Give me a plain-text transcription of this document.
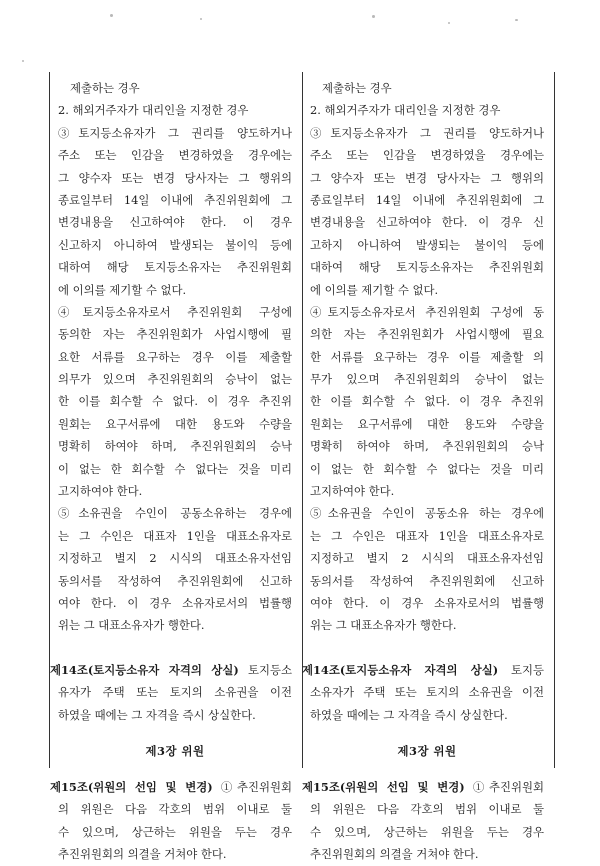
제출하는 경우
2. 해외거주자가 대리인을 지정한 경우
③토지등소유자가 그 권리를 양도하거나
주소 또는 인감을 변경하였을 경우에는
그 양수자 또는 변경 당사자는 그 행위의
종료일부터 14일 이내에 추진위원회에 그
변경내용을 신고하여야 한다. 이 경우
신고하지 아니하여 발생되는 불이익 등에
대하여 해당 토지등소유자는 추진위원회
에 이의를 제기할 수 없다.
④토지등소유자로서 추진위원회 구성에
동의한 자는 추진위원회가 사업시행에 필
요한 서류를 요구하는 경우 이를 제출할
의무가 있으며 추진위원회의 승낙이 없는
한 이를 회수할 수 없다. 이 경우 추진위
원회는 요구서류에 대한 용도와 수량을
명확히 하여야 하며, 추진위원회의 승낙
이 없는 한 회수할 수 없다는 것을 미리
고지하여야 한다.
⑤소유권을 수인이 공동소유하는 경우에
는 그 수인은 대표자 1인을 대표소유자로
지정하고 별지 2 시식의 대표소유자선임
동의서를 작성하여 추진위원회에 신고하
여야 한다. 이 경우 소유자로서의 법률행
위는 그 대표소유자가 행한다.
제14조(토지등소유자 자격의 상실) 토지등소
유자가 주택 또는 토지의 소유권을 이전
하였을 때에는 그 자격을 즉시 상실한다.
제3장 위원
제15조(위원의 선임 및 변경) ①추진위원회
의 위원은 다음 각호의 범위 이내로 둘
수 있으며, 상근하는 위원을 두는 경우
추진위원회의 의결을 거쳐야 한다.
제출하는 경우
2. 해외거주자가 대리인을 지정한 경우
③토지등소유자가 그 권리를 양도하거나
주소 또는 인감을 변경하였을 경우에는
그 양수자 또는 변경 당사자는 그 행위의
종료일부터 14일 이내에 추진위원회에 그
변경내용을 신고하여야 한다. 이 경우 신
고하지 아니하여 발생되는 불이익 등에
대하여 해당 토지등소유자는 추진위원회
에 이의를 제기할 수 없다.
④토지등소유자로서 추진위원회 구성에 동
의한 자는 추진위원회가 사업시행에 필요
한 서류를 요구하는 경우 이를 제출할 의
무가 있으며 추진위원회의 승낙이 없는
한 이를 회수할 수 없다. 이 경우 추진위
원회는 요구서류에 대한 용도와 수량을
명확히 하여야 하며, 추진위원회의 승낙
이 없는 한 회수할 수 없다는 것을 미리
고지하여야 한다.
⑤소유권을 수인이 공동소유 하는 경우에
는 그 수인은 대표자 1인을 대표소유자로
지정하고 별지 2 시식의 대표소유자선임
동의서를 작성하여 추진위원회에 신고하
여야 한다. 이 경우 소유자로서의 법률행
위는 그 대표소유자가 행한다.
제14조(토지등소유자 자격의 상실) 토지등
소유자가 주택 또는 토지의 소유권을 이전
하였을 때에는 그 자격을 즉시 상실한다.
제3장 위원
제15조(위원의 선임 및 변경) ①추진위원회
의 위원은 다음 각호의 범위 이내로 둘
수 있으며, 상근하는 위원을 두는 경우
추진위원회의 의결을 거쳐야 한다.
